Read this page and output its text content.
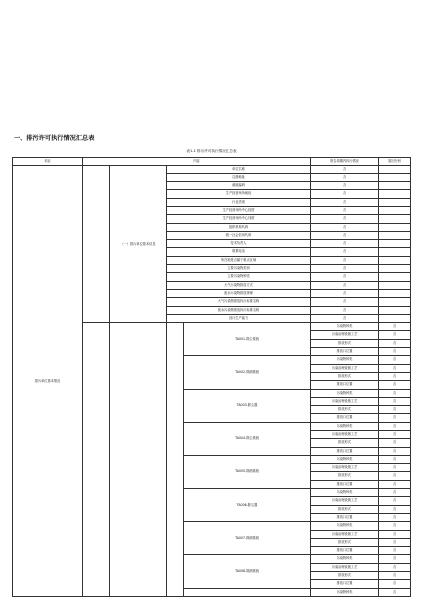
一、排污许可执行情况汇总表
表1-1 排污许可执行情况汇总表
项目	内容				报告周期内执行情况	原因分析	
排污单位基本情况		（一）排污单位基本信息	单位名称		否		
			注册地址		否		
			邮政编码		否		
			生产经营场所地址		否		
			行业类别		否		
			生产经营场所中心经度		否		
			生产经营场所中心纬度		否		
			组织机构代码		否		
			统一社会信用代码		否		
			技术负责人		否		
			联系电话		否		
			所在地是否属于重点区域		否		
			主要污染物类别		否		
			主要污染物种类		否		
			大气污染物排放方式		否		
			废水污染物排放规律		否		
			大气污染物排放执行标准名称		否		
			废水污染物排放执行标准名称		否		
			设计生产能力		否		
				TA001-除尘系统	污染物种类	否	
					污染治理设施工艺	否	
					排放形式	否	
					排放口位置	否	
				TA002-除硝系统	污染物种类	否	
					污染治理设施工艺	否	
					排放形式	否	
					排放口位置	否	
				TA003-除尘器	污染物种类	否	
					污染治理设施工艺	否	
					排放形式	否	
					排放口位置	否	
				TA004-除尘系统	污染物种类	否	
					污染治理设施工艺	否	
					排放形式	否	
					排放口位置	否	
				TA005-除硝系统	污染物种类	否	
					污染治理设施工艺	否	
					排放形式	否	
					排放口位置	否	
				TA006-除尘器	污染物种类	否	
					污染治理设施工艺	否	
					排放形式	否	
					排放口位置	否	
				TA007-除硝系统	污染物种类	否	
					污染治理设施工艺	否	
					排放形式	否	
					排放口位置	否	
				TA008-除硝系统	污染物种类	否	
					污染治理设施工艺	否	
					排放形式	否	
					排放口位置	否	
					污染物种类	否	
